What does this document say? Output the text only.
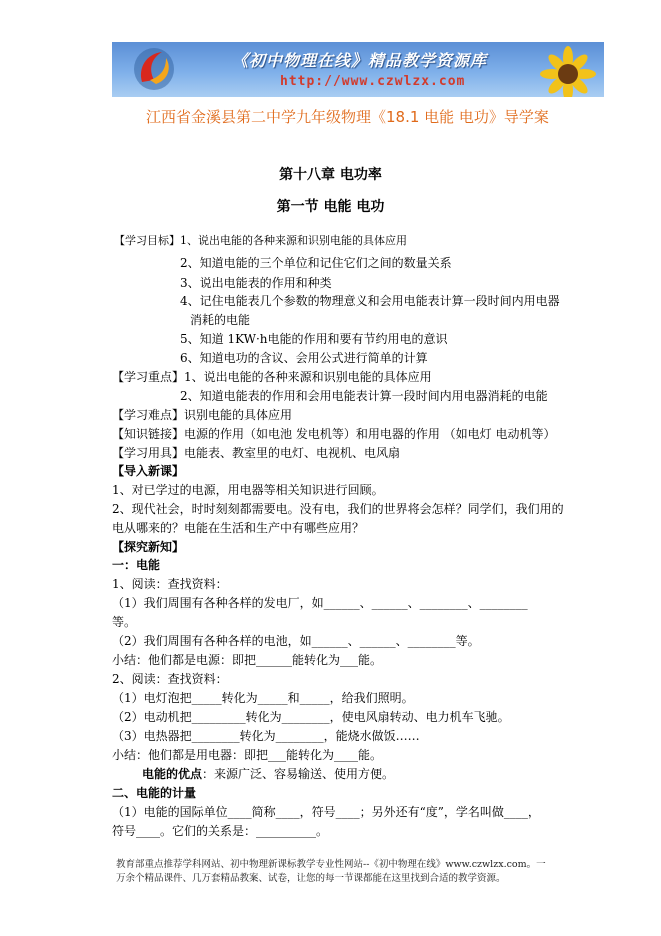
《初中物理在线》精品教学资源库
http://www.czwlzx.com
江西省金溪县第二中学九年级物理《18.1 电能 电功》导学案
第十八章 电功率
第一节 电能 电功
【学习目标】1、说出电能的各种来源和识别电能的具体应用
2、知道电能的三个单位和记住它们之间的数量关系
3、说出电能表的作用和种类
4、记住电能表几个参数的物理意义和会用电能表计算一段时间内用电器
消耗的电能
5、知道 1KW·h电能的作用和要有节约用电的意识
6、知道电功的含议、会用公式进行简单的计算
【学习重点】1、说出电能的各种来源和识别电能的具体应用
2、知道电能表的作用和会用电能表计算一段时间内用电器消耗的电能
【学习难点】识别电能的具体应用
【知识链接】电源的作用（如电池 发电机等）和用电器的作用 （如电灯 电动机等）
【学习用具】电能表、教室里的电灯、电视机、电风扇
【导入新课】
1、对已学过的电源，用电器等相关知识进行回顾。
2、现代社会，时时刻刻都需要电。没有电，我们的世界将会怎样？同学们，我们用的
电从哪来的？电能在生活和生产中有哪些应用？
【探究新知】
一：电能
1、阅读：查找资料：
（1）我们周围有各种各样的发电厂，如______、______、________、________
等。
（2）我们周围有各种各样的电池，如______、______、________等。
小结：他们都是电源：即把______能转化为___能。
2、阅读：查找资料：
（1）电灯泡把_____转化为_____和_____，给我们照明。
（2）电动机把_________转化为________，使电风扇转动、电力机车飞驰。
（3）电热器把________转化为________，能烧水做饭……
小结：他们都是用电器：即把___能转化为____能。
电能的优点：来源广泛、容易输送、使用方便。
二、电能的计量
（1）电能的国际单位____简称____，符号____；另外还有“度”，学名叫做____，
符号____。它们的关系是：__________。
教育部重点推荐学科网站、初中物理新课标教学专业性网站--《初中物理在线》www.czwlzx.com。一
万余个精品课件、几万套精品教案、试卷，让您的每一节课都能在这里找到合适的教学资源。
